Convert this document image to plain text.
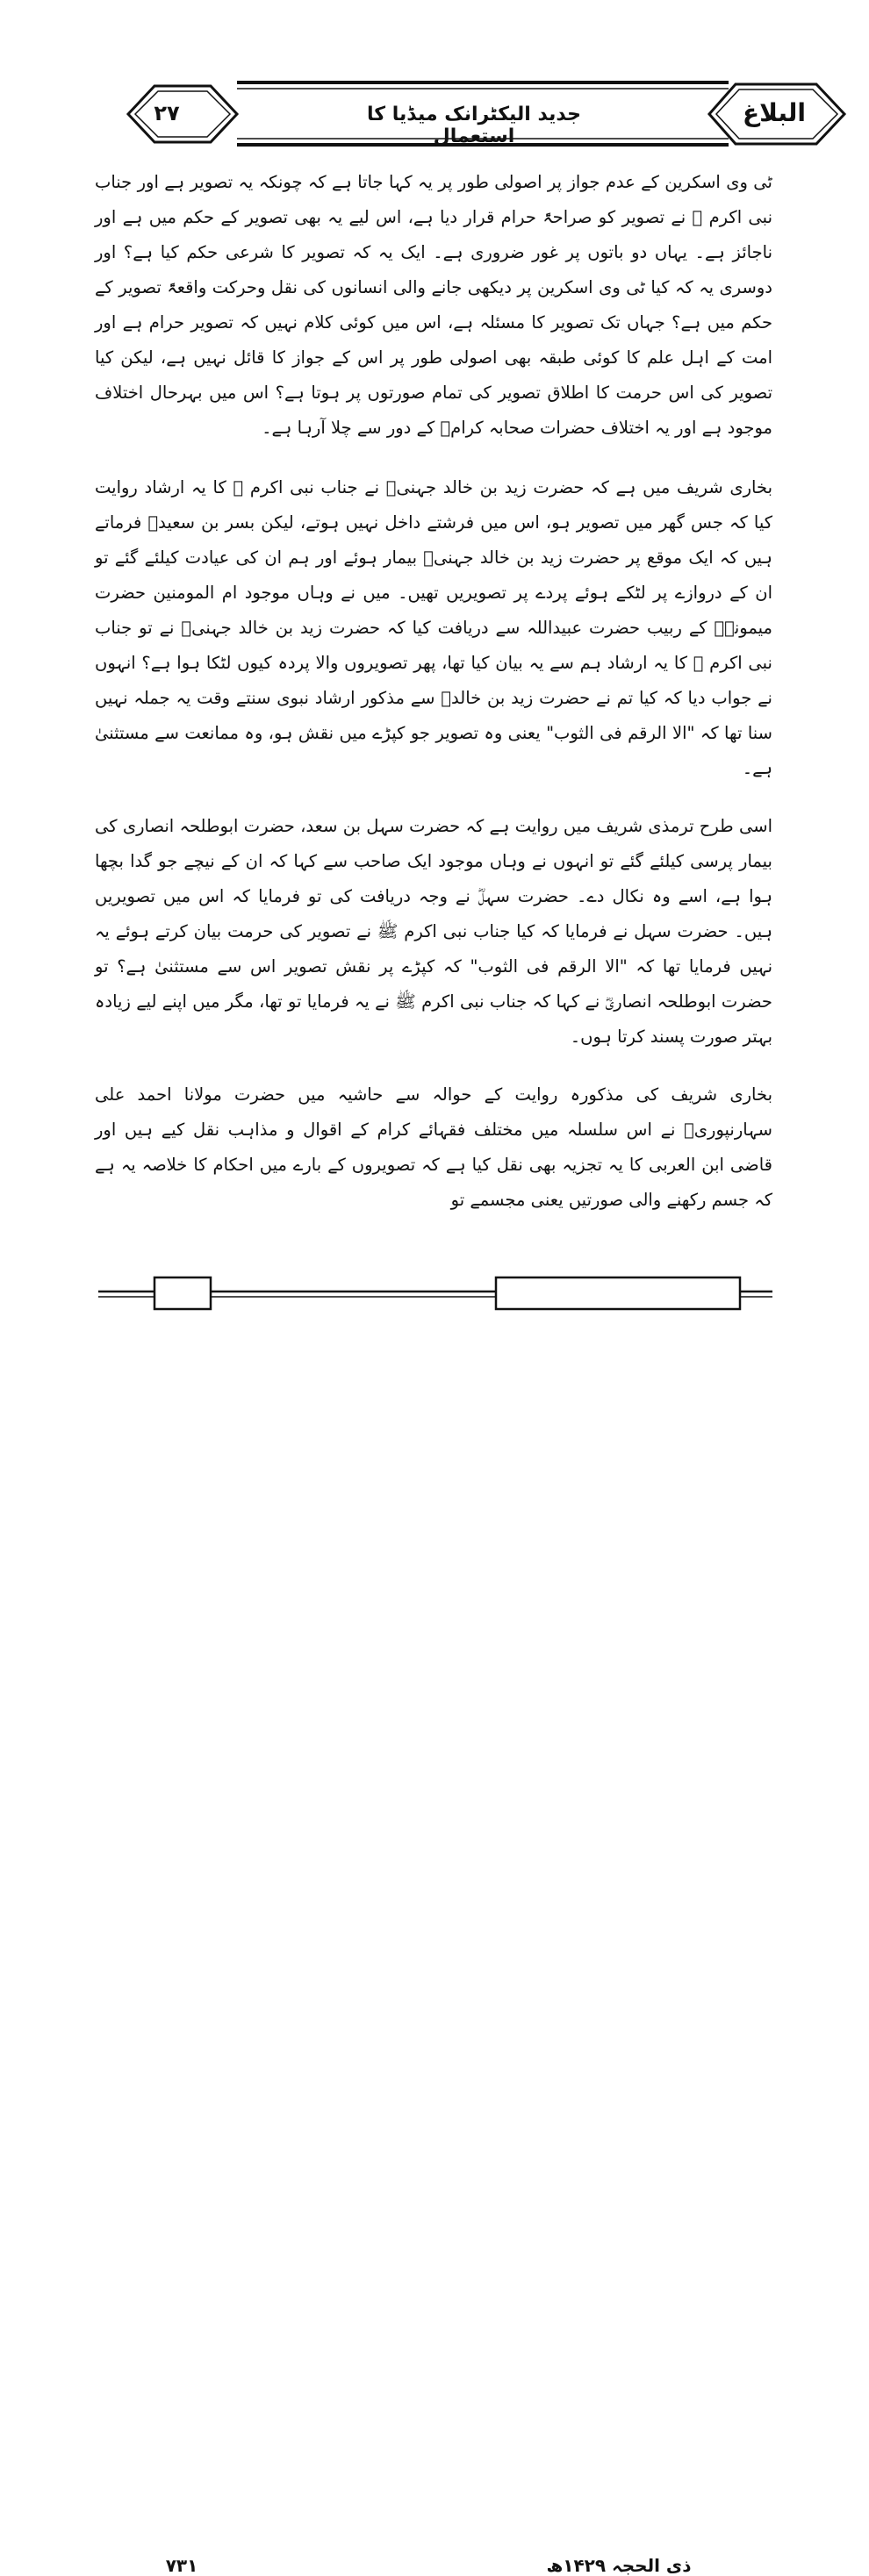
البلاغ
جدید الیکٹرانک میڈیا کا استعمال
۲۷

ٹی وی اسکرین کے عدم جواز پر اصولی طور پر یہ کہا جاتا ہے کہ چونکہ یہ تصویر ہے اور جناب نبی اکرم ﷺ نے تصویر کو صراحۃً حرام قرار دیا ہے، اس لیے یہ بھی تصویر کے حکم میں ہے اور ناجائز ہے۔ یہاں دو باتوں پر غور ضروری ہے۔ ایک یہ کہ تصویر کا شرعی حکم کیا ہے؟ اور دوسری یہ کہ کیا ٹی وی اسکرین پر دیکھی جانے والی انسانوں کی نقل وحرکت واقعۃً تصویر کے حکم میں ہے؟ جہاں تک تصویر کا مسئلہ ہے، اس میں کوئی کلام نہیں کہ تصویر حرام ہے اور امت کے اہل علم کا کوئی طبقہ بھی اصولی طور پر اس کے جواز کا قائل نہیں ہے، لیکن کیا تصویر کی اس حرمت کا اطلاق تصویر کی تمام صورتوں پر ہوتا ہے؟ اس میں بہرحال اختلاف موجود ہے اور یہ اختلاف حضرات صحابہ کرامؓ کے دور سے چلا آرہا ہے۔

بخاری شریف میں ہے کہ حضرت زید بن خالد جہنیؓ نے جناب نبی اکرم ﷺ کا یہ ارشاد روایت کیا کہ جس گھر میں تصویر ہو، اس میں فرشتے داخل نہیں ہوتے، لیکن بسر بن سعیدؒ فرماتے ہیں کہ ایک موقع پر حضرت زید بن خالد جہنیؓ بیمار ہوئے اور ہم ان کی عیادت کیلئے گئے تو ان کے دروازے پر لٹکے ہوئے پردے پر تصویریں تھیں۔ میں نے وہاں موجود ام المومنین حضرت میمونہؓ کے ربیب حضرت عبیداللہ سے دریافت کیا کہ حضرت زید بن خالد جہنیؓ نے تو جناب نبی اکرم ﷺ کا یہ ارشاد ہم سے یہ بیان کیا تھا، پھر تصویروں والا پردہ کیوں لٹکا ہوا ہے؟ انہوں نے جواب دیا کہ کیا تم نے حضرت زید بن خالدؓ سے مذکور ارشاد نبوی سنتے وقت یہ جملہ نہیں سنا تھا کہ "الا الرقم فی الثوب" یعنی وہ تصویر جو کپڑے میں نقش ہو، وہ ممانعت سے مستثنیٰ ہے۔

اسی طرح ترمذی شریف میں روایت ہے کہ حضرت سہل بن سعد، حضرت ابوطلحہ انصاری کی بیمار پرسی کیلئے گئے تو انہوں نے وہاں موجود ایک صاحب سے کہا کہ ان کے نیچے جو گدا بچھا ہوا ہے، اسے وہ نکال دے۔ حضرت سہلؓ نے وجہ دریافت کی تو فرمایا کہ اس میں تصویریں ہیں۔ حضرت سہل نے فرمایا کہ کیا جناب نبی اکرم ﷺ نے تصویر کی حرمت بیان کرتے ہوئے یہ نہیں فرمایا تھا کہ "الا الرقم فی الثوب" کہ کپڑے پر نقش تصویر اس سے مستثنیٰ ہے؟ تو حضرت ابوطلحہ انصاریؓ نے کہا کہ جناب نبی اکرم ﷺ نے یہ فرمایا تو تھا، مگر میں اپنے لیے زیادہ بہتر صورت پسند کرتا ہوں۔

بخاری شریف کی مذکورہ روایت کے حوالہ سے حاشیہ میں حضرت مولانا احمد علی سہارنپوریؒ نے اس سلسلہ میں مختلف فقہائے کرام کے اقوال و مذاہب نقل کیے ہیں اور قاضی ابن العربی کا یہ تجزیہ بھی نقل کیا ہے کہ تصویروں کے بارے میں احکام کا خلاصہ یہ ہے کہ جسم رکھنے والی صورتیں یعنی مجسمے تو

۷۳۱	ذی الحجہ ۱۴۲۹ھ
